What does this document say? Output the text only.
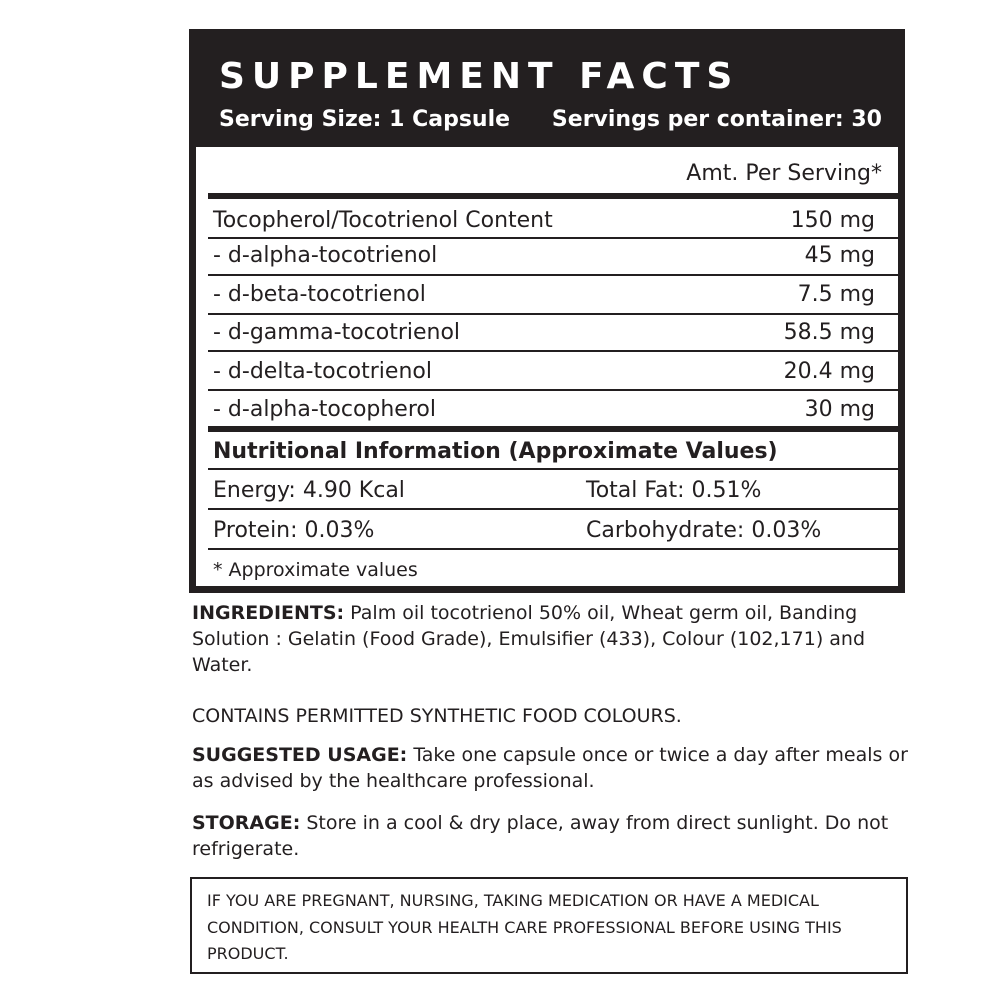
SUPPLEMENT FACTS
Serving Size: 1 Capsule Servings per container: 30
Amt. Per Serving*
Tocopherol/Tocotrienol Content	150 mg
- d-alpha-tocotrienol	45 mg
- d-beta-tocotrienol	7.5 mg
- d-gamma-tocotrienol	58.5 mg
- d-delta-tocotrienol	20.4 mg
- d-alpha-tocopherol	30 mg
Nutritional Information (Approximate Values)
Energy: 4.90 Kcal	Total Fat: 0.51%
Protein: 0.03%	Carbohydrate: 0.03%
* Approximate values

INGREDIENTS: Palm oil tocotrienol 50% oil, Wheat germ oil, Banding Solution : Gelatin (Food Grade), Emulsifier (433), Colour (102,171) and Water.

CONTAINS PERMITTED SYNTHETIC FOOD COLOURS.

SUGGESTED USAGE: Take one capsule once or twice a day after meals or as advised by the healthcare professional.

STORAGE: Store in a cool & dry place, away from direct sunlight. Do not refrigerate.

IF YOU ARE PREGNANT, NURSING, TAKING MEDICATION OR HAVE A MEDICAL CONDITION, CONSULT YOUR HEALTH CARE PROFESSIONAL BEFORE USING THIS PRODUCT.
